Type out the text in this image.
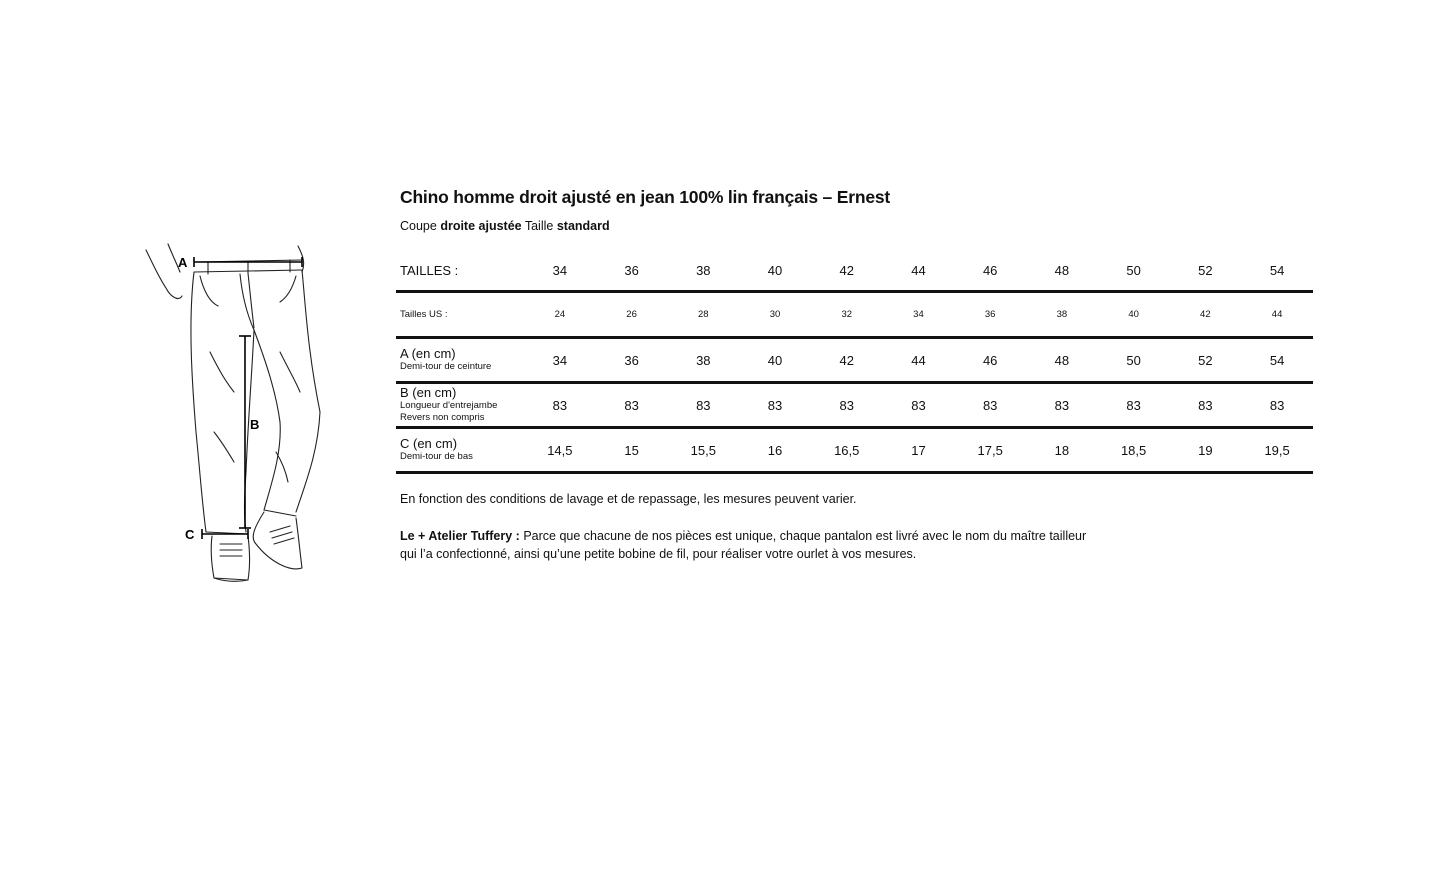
A
B
C
Chino homme droit ajusté en jean 100% lin français – Ernest
Coupe droite ajustée Taille standard
TAILLES :	34	36	38	40	42	44	46	48	50	52	54
Tailles US :	24	26	28	30	32	34	36	38	40	42	44

A (en cm)
Demi-tour de ceinture	34	36	38	40	42	44	46	48	50	52	54

B (en cm)
Longueur d'entrejambe
Revers non compris	83	83	83	83	83	83	83	83	83	83	83

C (en cm)
Demi-tour de bas	14,5	15	15,5	16	16,5	17	17,5	18	18,5	19	19,5
En fonction des conditions de lavage et de repassage, les mesures peuvent varier.
Le + Atelier Tuffery : Parce que chacune de nos pièces est unique, chaque pantalon est livré avec le nom du maître tailleur qui l’a confectionné, ainsi qu’une petite bobine de fil, pour réaliser votre ourlet à vos mesures.
